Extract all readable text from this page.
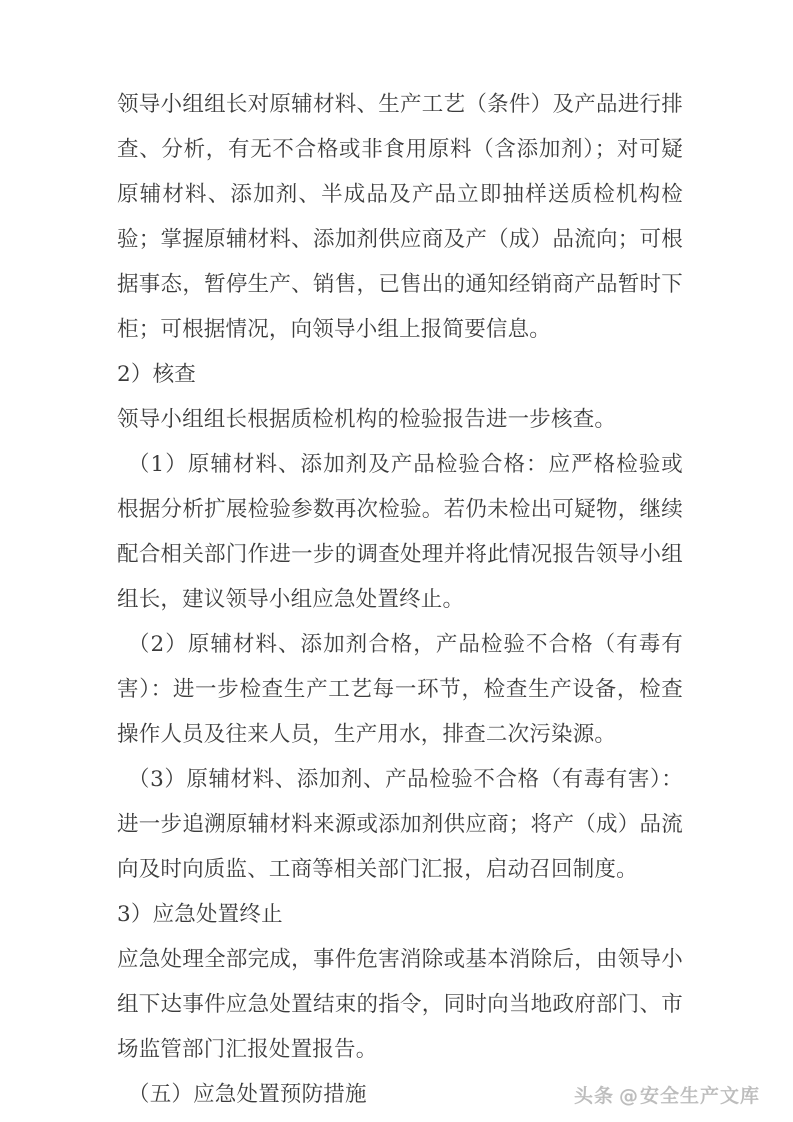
领导小组组长对原辅材料、生产工艺（条件）及产品进行排查、分析，有无不合格或非食用原料（含添加剂）；对可疑原辅材料、添加剂、半成品及产品立即抽样送质检机构检验；掌握原辅材料、添加剂供应商及产（成）品流向；可根据事态，暂停生产、销售，已售出的通知经销商产品暂时下柜；可根据情况，向领导小组上报简要信息。

2）核查

领导小组组长根据质检机构的检验报告进一步核查。

（1）原辅材料、添加剂及产品检验合格：应严格检验或根据分析扩展检验参数再次检验。若仍未检出可疑物，继续配合相关部门作进一步的调查处理并将此情况报告领导小组组长，建议领导小组应急处置终止。

（2）原辅材料、添加剂合格，产品检验不合格（有毒有害）：进一步检查生产工艺每一环节，检查生产设备，检查操作人员及往来人员，生产用水，排查二次污染源。

（3）原辅材料、添加剂、产品检验不合格（有毒有害）：进一步追溯原辅材料来源或添加剂供应商；将产（成）品流向及时向质监、工商等相关部门汇报，启动召回制度。

3）应急处置终止

应急处理全部完成，事件危害消除或基本消除后，由领导小组下达事件应急处置结束的指令，同时向当地政府部门、市场监管部门汇报处置报告。

（五）应急处置预防措施	头条 @安全生产文库
